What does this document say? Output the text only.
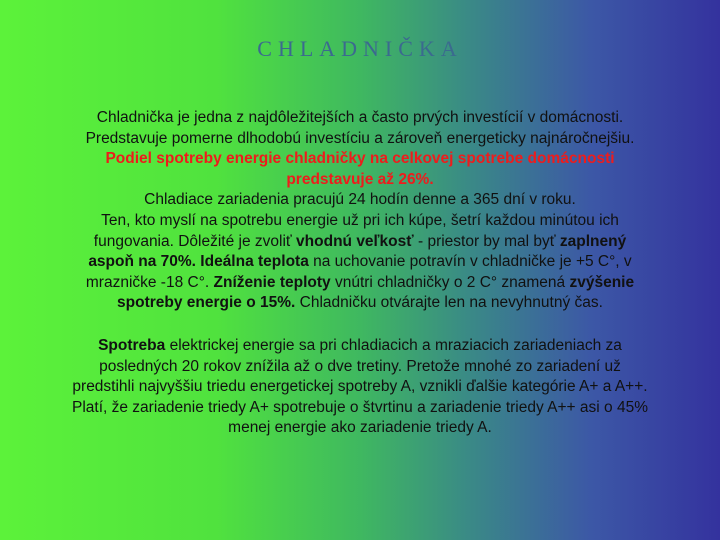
CHLADNIČKA

Chladnička je jedna z najdôležitejších a často prvých investícií v domácnosti.
Predstavuje pomerne dlhodobú investíciu a zároveň energeticky najnáročnejšiu.
Podiel spotreby energie chladničky na celkovej spotrebe domácnosti
predstavuje až 26%.

Chladiace zariadenia pracujú 24 hodín denne a 365 dní v roku.
Ten, kto myslí na spotrebu energie už pri ich kúpe, šetrí každou minútou ich
fungovania. Dôležité je zvoliť vhodnú veľkosť - priestor by mal byť zaplnený
aspoň na 70%. Ideálna teplota na uchovanie potravín v chladničke je +5 C°, v
mrazničke -18 C°. Zníženie teploty vnútri chladničky o 2 C° znamená zvýšenie
spotreby energie o 15%. Chladničku otvárajte len na nevyhnutný čas.

Spotreba elektrickej energie sa pri chladiacich a mraziacich zariadeniach za
posledných 20 rokov znížila až o dve tretiny. Pretože mnohé zo zariadení už
predstihli najvyššiu triedu energetickej spotreby A, vznikli ďalšie kategórie A+ a A++.
Platí, že zariadenie triedy A+ spotrebuje o štvrtinu a zariadenie triedy A++ asi o 45%
menej energie ako zariadenie triedy A.
